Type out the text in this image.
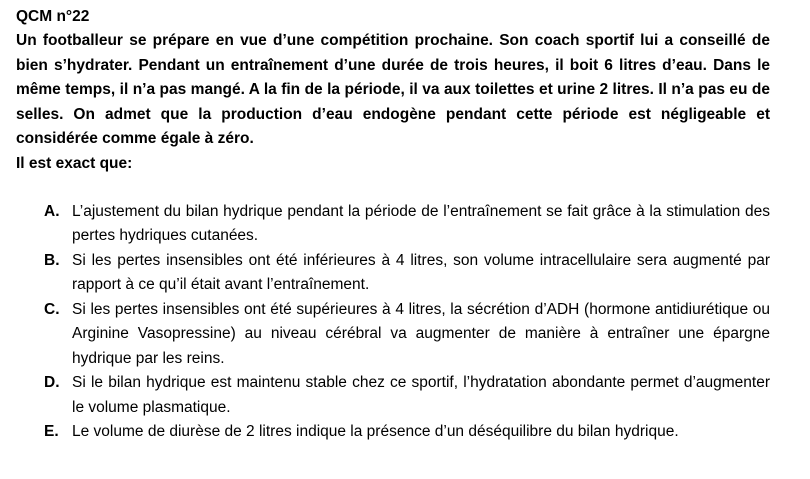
QCM n°22

Un footballeur se prépare en vue d’une compétition prochaine. Son coach sportif lui a conseillé de bien s’hydrater. Pendant un entraînement d’une durée de trois heures, il boit 6 litres d’eau. Dans le même temps, il n’a pas mangé. A la fin de la période, il va aux toilettes et urine 2 litres. Il n’a pas eu de selles. On admet que la production d’eau endogène pendant cette période est négligeable et considérée comme égale à zéro.

Il est exact que:

A. L’ajustement du bilan hydrique pendant la période de l’entraînement se fait grâce à la stimulation des pertes hydriques cutanées.
B. Si les pertes insensibles ont été inférieures à 4 litres, son volume intracellulaire sera augmenté par rapport à ce qu’il était avant l’entraînement.
C. Si les pertes insensibles ont été supérieures à 4 litres, la sécrétion d’ADH (hormone antidiurétique ou Arginine Vasopressine) au niveau cérébral va augmenter de manière à entraîner une épargne hydrique par les reins.
D. Si le bilan hydrique est maintenu stable chez ce sportif, l’hydratation abondante permet d’augmenter le volume plasmatique.
E. Le volume de diurèse de 2 litres indique la présence d’un déséquilibre du bilan hydrique.
